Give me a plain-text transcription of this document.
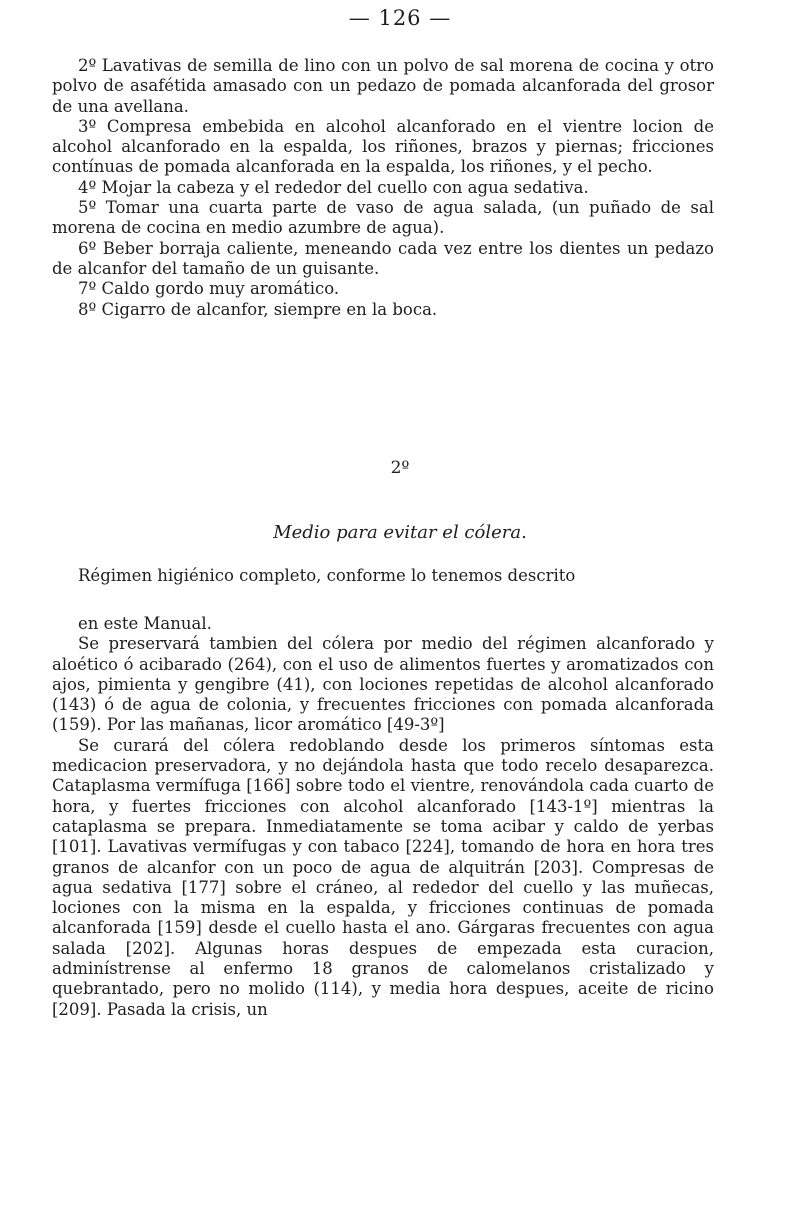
— 126 —

2º Lavativas de semilla de lino con un polvo de sal morena de cocina y otro polvo de asafétida amasado con un pedazo de pomada alcanforada del grosor de una avellana.

3º Compresa embebida en alcohol alcanforado en el vientre locion de alcohol alcanforado en la espalda, los riñones, brazos y piernas; fricciones contínuas de pomada alcanforada en la espalda, los riñones, y el pecho.

4º Mojar la cabeza y el rededor del cuello con agua sedativa.

5º Tomar una cuarta parte de vaso de agua salada, (un puñado de sal morena de cocina en medio azumbre de agua).

6º Beber borraja caliente, meneando cada vez entre los dientes un pedazo de alcanfor del tamaño de un guisante.

7º Caldo gordo muy aromático.

8º Cigarro de alcanfor, siempre en la boca.

2º
Medio para evitar el cólera.

Régimen higiénico completo, conforme lo tenemos descrito

en este Manual.

Se preservará tambien del cólera por medio del régimen alcanforado y aloético ó acibarado (264), con el uso de alimentos fuertes y aromatizados con ajos, pimienta y gengibre (41), con lociones repetidas de alcohol alcanforado (143) ó de agua de colonia, y frecuentes fricciones con pomada alcanforada (159). Por las mañanas, licor aromático [49-3º]

Se curará del cólera redoblando desde los primeros síntomas esta medicacion preservadora, y no dejándola hasta que todo recelo desaparezca. Cataplasma vermífuga [166] sobre todo el vientre, renovándola cada cuarto de hora, y fuertes fricciones con alcohol alcanforado [143-1º] mientras la cataplasma se prepara. Inmediatamente se toma acibar y caldo de yerbas [101]. Lavativas vermífugas y con tabaco [224], tomando de hora en hora tres granos de alcanfor con un poco de agua de alquitrán [203]. Compresas de agua sedativa [177] sobre el cráneo, al rededor del cuello y las muñecas, lociones con la misma en la espalda, y fricciones continuas de pomada alcanforada [159] desde el cuello hasta el ano. Gárgaras frecuentes con agua salada [202]. Algunas horas despues de empezada esta curacion, adminístrense al enfermo 18 granos de calomelanos cristalizado y quebrantado, pero no molido (114), y media hora despues, aceite de ricino [209]. Pasada la crisis, un
